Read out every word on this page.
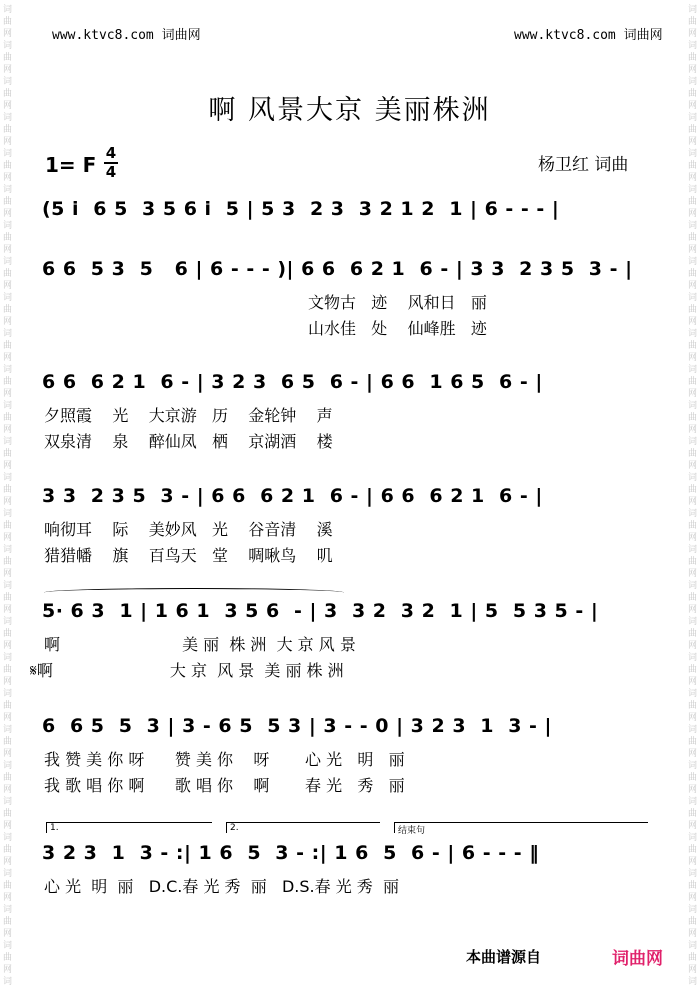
词
曲
网
词
曲
网
词
曲
网
词
曲
网
词
曲
网
词
曲
网
词
曲
网
词
曲
网
词
曲
网
词
曲
网
词
曲
网
词
曲
网
词
曲
网
词
曲
网
词
曲
网
词
曲
网
词
曲
网
词
曲
网
词
曲
网
词
曲
网
词
曲
网
词
曲
网
词
曲
网
词
曲
网
词
曲
网
词
曲
网
词
曲
网
词
词
曲
网
词
曲
网
词
曲
网
词
曲
网
词
曲
网
词
曲
网
词
曲
网
词
曲
网
词
曲
网
词
曲
网
词
曲
网
词
曲
网
词
曲
网
词
曲
网
词
曲
网
词
曲
网
词
曲
网
词
曲
网
词
曲
网
词
曲
网
词
曲
网
词
曲
网
词
曲
网
词
曲
网
词
曲
网
词
曲
网
词
曲
网
词
www.ktvc8.com 词曲网	www.ktvc8.com 词曲网
啊 风景大京 美丽株洲
1= F 4
4	杨卫红 词曲
(5 i  6 5  3 5 6 i  5 | 5 3  2 3  3 2 1 2  1 | 6 - - - |
6 6  5 3  5   6 | 6 - - - )| 6 6  6 2 1  6 - | 3 3  2 3 5  3 - |
文物古   迹    风和日   丽
山水佳   处    仙峰胜   迹
6 6  6 2 1  6 - | 3 2 3  6 5  6 - | 6 6  1 6 5  6 - |
夕照霞    光    大京游   历    金轮钟    声
双泉清    泉    醉仙凤   栖    京湖酒    楼
3 3  2 3 5  3 - | 6 6  6 2 1  6 - | 6 6  6 2 1  6 - |
响彻耳    际    美妙风   光    谷音清    溪
猎猎幡    旗    百鸟天   堂    啁啾鸟    叽
5· 6 3  1 | 1 6 1  3 5 6  - | 3  3 2  3 2  1 | 5  5 3 5 - |
啊                        美 丽  株 洲  大 京 风 景
𝄋啊                       大 京  风 景  美 丽 株 洲
6  6 5  5  3 | 3 - 6 5  5 3 | 3 - - 0 | 3 2 3  1  3 - |
我 赞 美 你 呀      赞 美 你    呀       心 光   明   丽
我 歌 唱 你 啊      歌 唱 你    啊       春 光   秀   丽
1.	2.	结束句
3 2 3  1  3 - :| 1 6  5  3 - :| 1 6  5  6 - | 6 - - - ‖
心 光  明  丽   D.C.春 光 秀  丽   D.S.春 光 秀  丽
本曲谱源自	词曲网
